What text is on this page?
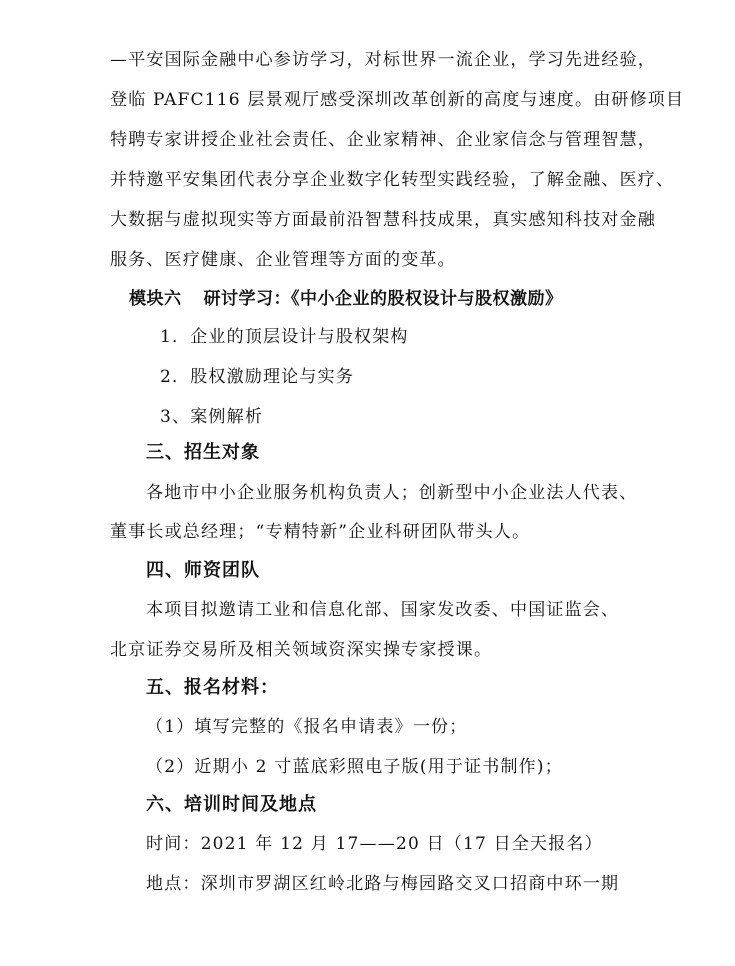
—平安国际金融中心参访学习，对标世界一流企业，学习先进经验，
登临 PAFC116 层景观厅感受深圳改革创新的高度与速度。由研修项目
特聘专家讲授企业社会责任、企业家精神、企业家信念与管理智慧，
并特邀平安集团代表分享企业数字化转型实践经验，了解金融、医疗、
大数据与虚拟现实等方面最前沿智慧科技成果，真实感知科技对金融
服务、医疗健康、企业管理等方面的变革。
模块六 研讨学习：《中小企业的股权设计与股权激励》
1．企业的顶层设计与股权架构
2．股权激励理论与实务
3、案例解析
三、招生对象
各地市中小企业服务机构负责人；创新型中小企业法人代表、
董事长或总经理；“专精特新”企业科研团队带头人。
四、师资团队
本项目拟邀请工业和信息化部、国家发改委、中国证监会、
北京证券交易所及相关领域资深实操专家授课。
五、报名材料：
（1）填写完整的《报名申请表》一份；
（2）近期小 2 寸蓝底彩照电子版(用于证书制作)；
六、培训时间及地点
时间：2021 年 12 月 17——20 日（17 日全天报名）
地点：深圳市罗湖区红岭北路与梅园路交叉口招商中环一期
